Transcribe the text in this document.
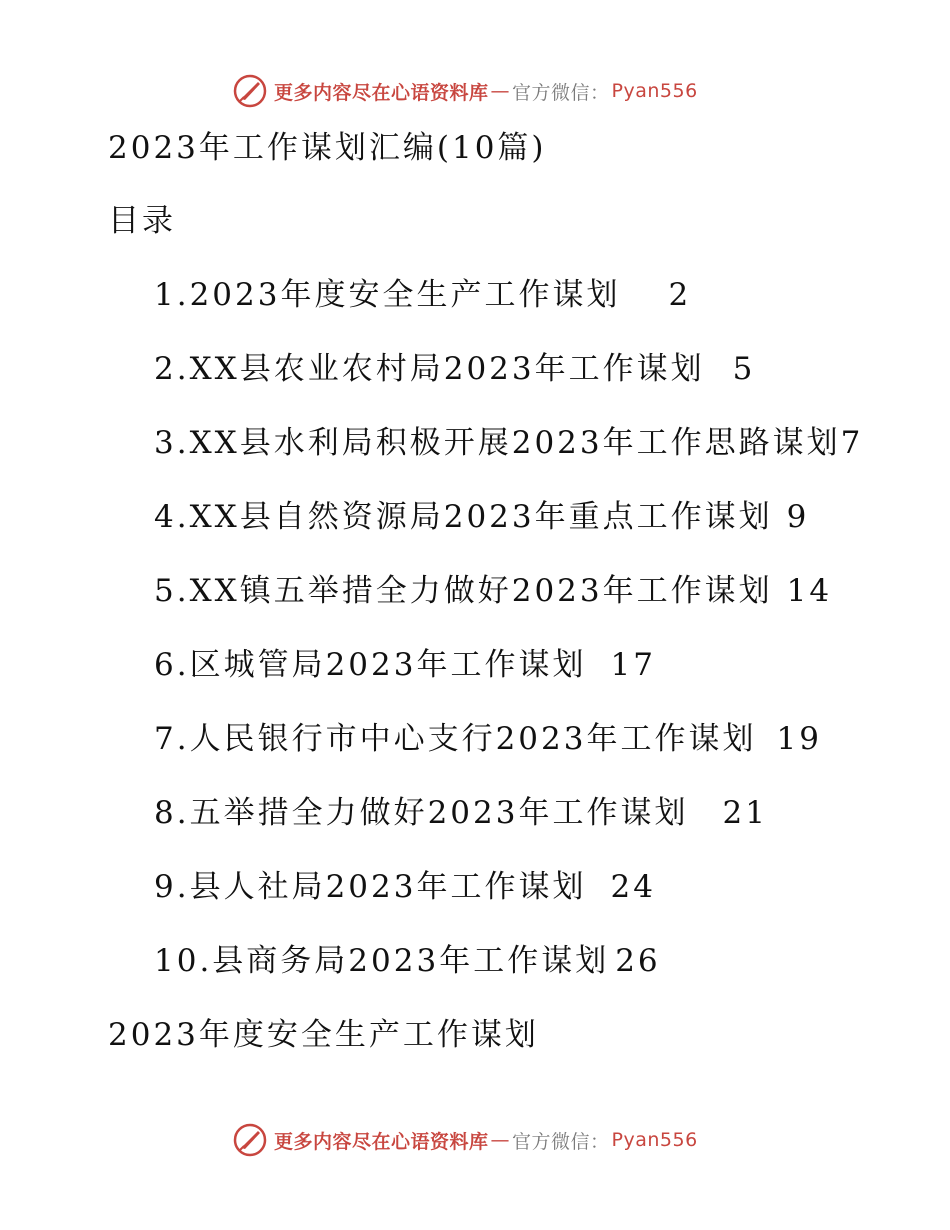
更多内容尽在心语资料库 — 官方微信： Pyan556
2023年工作谋划汇编(10篇)
目录
1.2023年度安全生产工作谋划 2
2.XX县农业农村局2023年工作谋划 5
3.XX县水利局积极开展2023年工作思路谋划7
4.XX县自然资源局2023年重点工作谋划 9
5.XX镇五举措全力做好2023年工作谋划 14
6.区城管局2023年工作谋划 17
7.人民银行市中心支行2023年工作谋划 19
8.五举措全力做好2023年工作谋划 21
9.县人社局2023年工作谋划 24
10.县商务局2023年工作谋划 26
2023年度安全生产工作谋划
更多内容尽在心语资料库 — 官方微信： Pyan556
